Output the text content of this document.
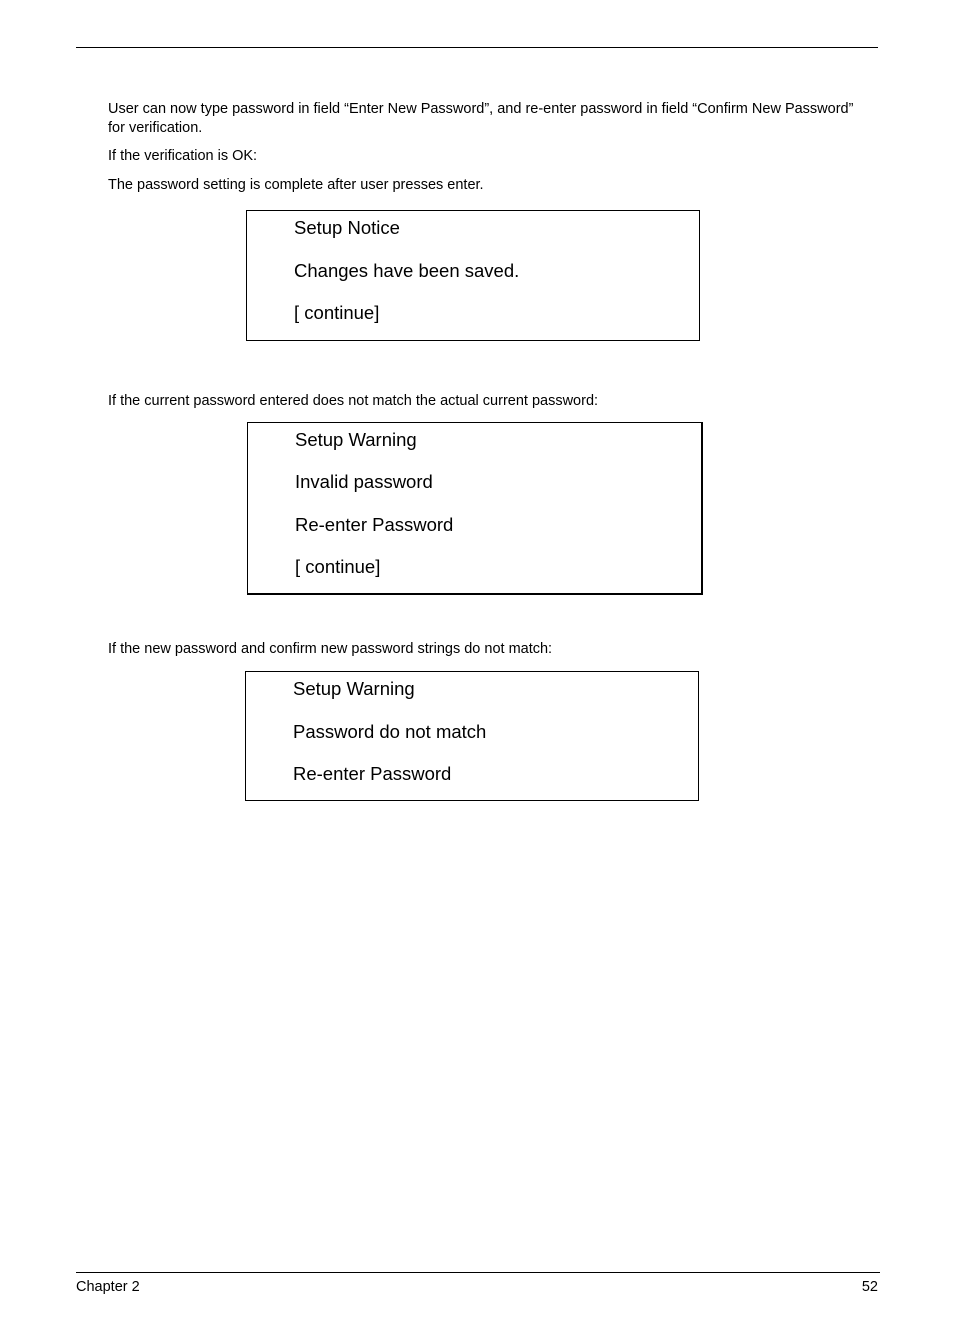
User can now type password in field “Enter New Password”, and re-enter password in field “Confirm New Password” for verification.

If the verification is OK:

The password setting is complete after user presses enter.

Setup Notice
Changes have been saved.
[ continue]

If the current password entered does not match the actual current password:

Setup Warning
Invalid password
Re-enter Password
[ continue]

If the new password and confirm new password strings do not match:

Setup Warning
Password do not match
Re-enter Password
Chapter 2	52
